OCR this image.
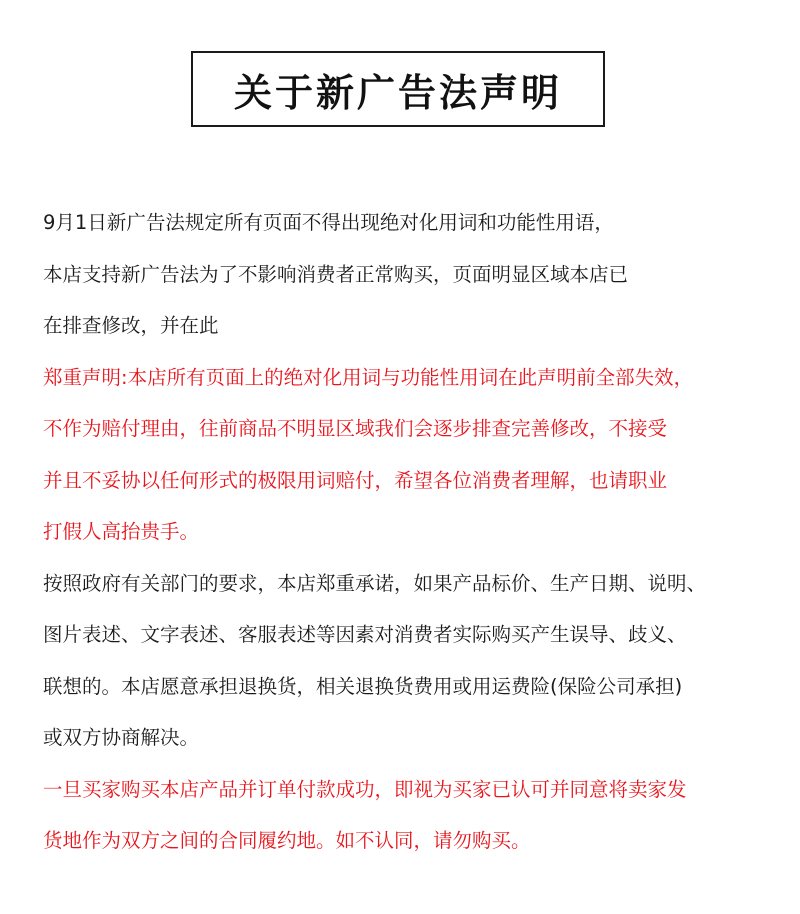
关于新广告法声明
9月1日新广告法规定所有页面不得出现绝对化用词和功能性用语，
本店支持新广告法为了不影响消费者正常购买，页面明显区域本店已
在排查修改，并在此
郑重声明:本店所有页面上的绝对化用词与功能性用词在此声明前全部失效，
不作为赔付理由，往前商品不明显区域我们会逐步排查完善修改，不接受
并且不妥协以任何形式的极限用词赔付，希望各位消费者理解，也请职业
打假人高抬贵手。
按照政府有关部门的要求，本店郑重承诺，如果产品标价、生产日期、说明、
图片表述、文字表述、客服表述等因素对消费者实际购买产生误导、歧义、
联想的。本店愿意承担退换货，相关退换货费用或用运费险(保险公司承担)
或双方协商解决。
一旦买家购买本店产品并订单付款成功，即视为买家已认可并同意将卖家发
货地作为双方之间的合同履约地。如不认同，请勿购买。
